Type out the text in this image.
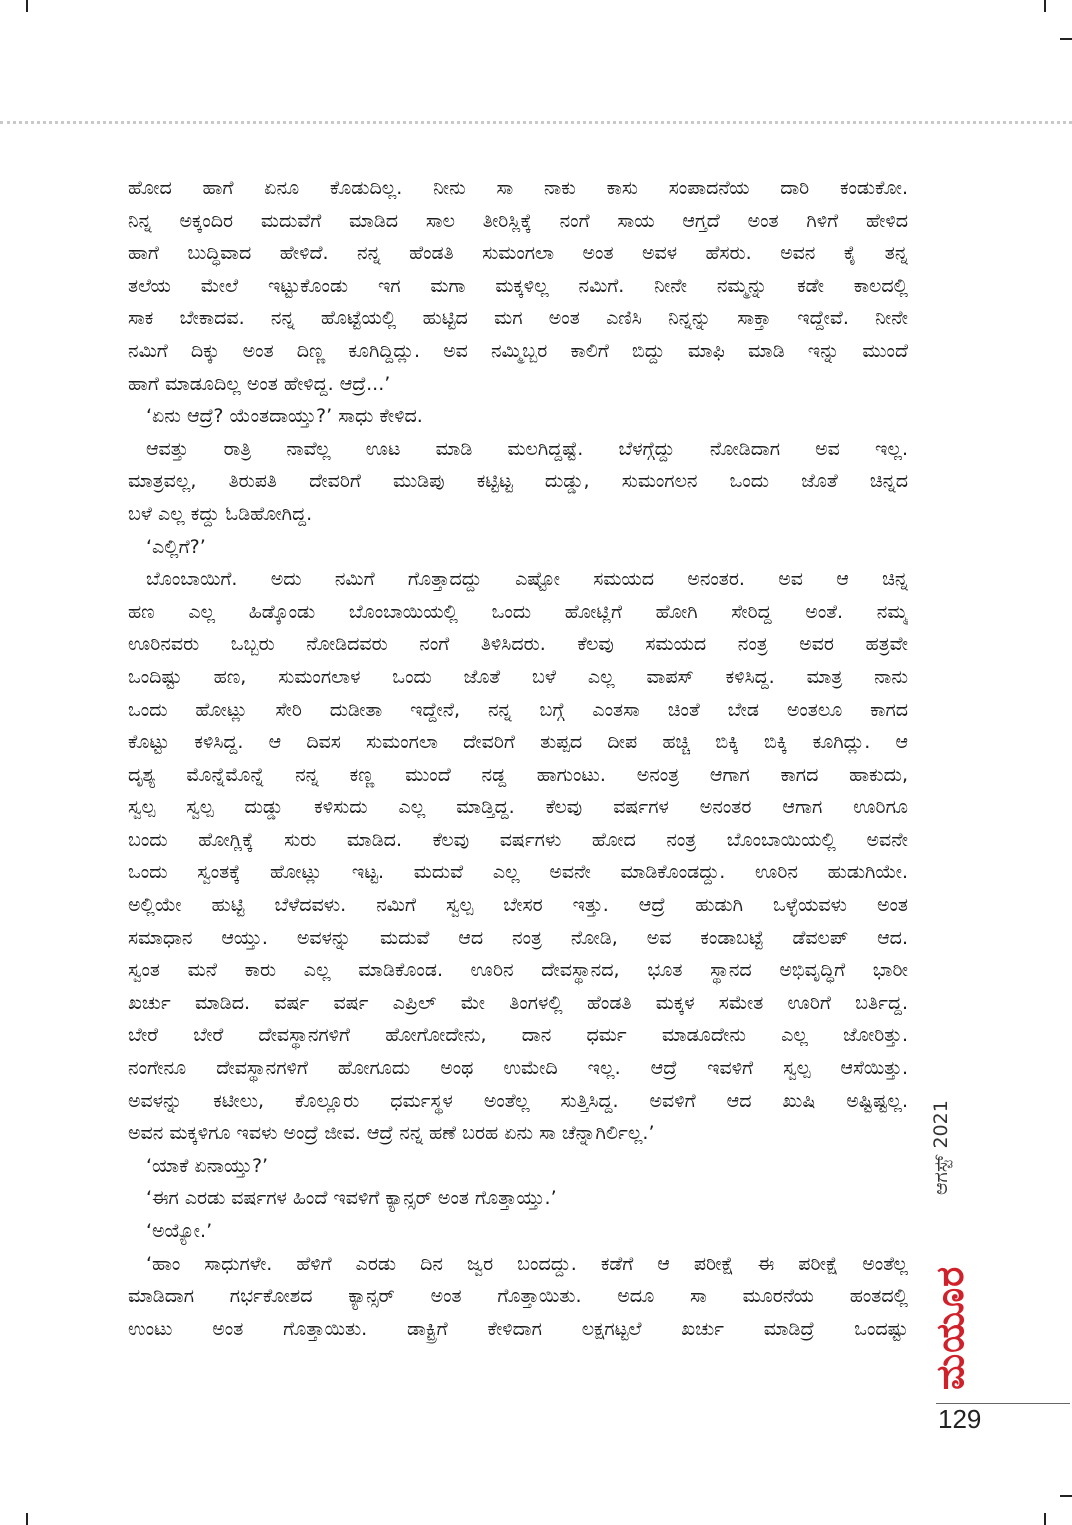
ಹೋದ ಹಾಗೆ ಏನೂ ಕೊಡುದಿಲ್ಲ. ನೀನು ಸಾ ನಾಕು ಕಾಸು ಸಂಪಾದನೆಯ ದಾರಿ ಕಂಡುಕೋ.
ನಿನ್ನ ಅಕ್ಕಂದಿರ ಮದುವೆಗೆ ಮಾಡಿದ ಸಾಲ ತೀರಿಸ್ಲಿಕ್ಕೆ ನಂಗೆ ಸಾಯ ಆಗ್ತದೆ ಅಂತ ಗಿಳಿಗೆ ಹೇಳಿದ
ಹಾಗೆ ಬುದ್ಧಿವಾದ ಹೇಳಿದೆ. ನನ್ನ ಹೆಂಡತಿ ಸುಮಂಗಲಾ ಅಂತ ಅವಳ ಹೆಸರು. ಅವನ ಕೈ ತನ್ನ
ತಲೆಯ ಮೇಲೆ ಇಟ್ಟುಕೊಂಡು ಇಗ ಮಗಾ ಮಕ್ಕಳಿಲ್ಲ ನಮಿಗೆ. ನೀನೇ ನಮ್ಮನ್ನು ಕಡೇ ಕಾಲದಲ್ಲಿ
ಸಾಕ ಬೇಕಾದವ. ನನ್ನ ಹೊಟ್ಟೆಯಲ್ಲಿ ಹುಟ್ಟಿದ ಮಗ ಅಂತ ಎಣಿಸಿ ನಿನ್ನನ್ನು ಸಾಕ್ತಾ ಇದ್ದೇವೆ. ನೀನೇ
ನಮಿಗೆ ದಿಕ್ಕು ಅಂತ ದಿಣ್ಣ ಕೂಗಿದ್ದಿದ್ಲು. ಅವ ನಮ್ಮಿಬ್ಬರ ಕಾಲಿಗೆ ಬಿದ್ದು ಮಾಫಿ ಮಾಡಿ ಇನ್ನು ಮುಂದೆ
ಹಾಗೆ ಮಾಡೂದಿಲ್ಲ ಅಂತ ಹೇಳಿದ್ದ. ಆದ್ರೆ...’
‘ಏನು ಆದ್ರೆ? ಯೆಂತದಾಯ್ತು?’ ಸಾಧು ಕೇಳಿದ.
ಆವತ್ತು ರಾತ್ರಿ ನಾವೆಲ್ಲ ಊಟ ಮಾಡಿ ಮಲಗಿದ್ದಷ್ಟೆ. ಬೆಳಗ್ಗೆದ್ದು ನೋಡಿದಾಗ ಅವ ಇಲ್ಲ.
ಮಾತ್ರವಲ್ಲ, ತಿರುಪತಿ ದೇವರಿಗೆ ಮುಡಿಪು ಕಟ್ಟಿಟ್ಟ ದುಡ್ಡು, ಸುಮಂಗಲನ ಒಂದು ಜೊತೆ ಚಿನ್ನದ
ಬಳೆ ಎಲ್ಲ ಕದ್ದು ಓಡಿಹೋಗಿದ್ದ.
‘ಎಲ್ಲಿಗೆ?’
ಬೊಂಬಾಯಿಗೆ. ಅದು ನಮಿಗೆ ಗೊತ್ತಾದದ್ದು ಎಷ್ಟೋ ಸಮಯದ ಅನಂತರ. ಅವ ಆ ಚಿನ್ನ
ಹಣ ಎಲ್ಲ ಹಿಡ್ಕೊಂಡು ಬೊಂಬಾಯಿಯಲ್ಲಿ ಒಂದು ಹೋಟ್ಲಿಗೆ ಹೋಗಿ ಸೇರಿದ್ದ ಅಂತೆ. ನಮ್ಮ
ಊರಿನವರು ಒಬ್ಬರು ನೋಡಿದವರು ನಂಗೆ ತಿಳಿಸಿದರು. ಕೆಲವು ಸಮಯದ ನಂತ್ರ ಅವರ ಹತ್ರವೇ
ಒಂದಿಷ್ಟು ಹಣ, ಸುಮಂಗಲಾಳ ಒಂದು ಜೊತೆ ಬಳೆ ಎಲ್ಲ ವಾಪಸ್ ಕಳಿಸಿದ್ದ. ಮಾತ್ರ ನಾನು
ಒಂದು ಹೋಟ್ಲು ಸೇರಿ ದುಡೀತಾ ಇದ್ದೇನೆ, ನನ್ನ ಬಗ್ಗೆ ಎಂತಸಾ ಚಿಂತೆ ಬೇಡ ಅಂತಲೂ ಕಾಗದ
ಕೊಟ್ಟು ಕಳಿಸಿದ್ದ. ಆ ದಿವಸ ಸುಮಂಗಲಾ ದೇವರಿಗೆ ತುಪ್ಪದ ದೀಪ ಹಚ್ಚಿ ಬಿಕ್ಕಿ ಬಿಕ್ಕಿ ಕೂಗಿದ್ಲು. ಆ
ದೃಶ್ಯ ಮೊನ್ನೆಮೊನ್ನೆ ನನ್ನ ಕಣ್ಣ ಮುಂದೆ ನಡ್ದ ಹಾಗುಂಟು. ಅನಂತ್ರ ಆಗಾಗ ಕಾಗದ ಹಾಕುದು,
ಸ್ವಲ್ಪ ಸ್ವಲ್ಪ ದುಡ್ಡು ಕಳಿಸುದು ಎಲ್ಲ ಮಾಡ್ತಿದ್ದ. ಕೆಲವು ವರ್ಷಗಳ ಅನಂತರ ಆಗಾಗ ಊರಿಗೂ
ಬಂದು ಹೋಗ್ಲಿಕ್ಕೆ ಸುರು ಮಾಡಿದ. ಕೆಲವು ವರ್ಷಗಳು ಹೋದ ನಂತ್ರ ಬೊಂಬಾಯಿಯಲ್ಲಿ ಅವನೇ
ಒಂದು ಸ್ವಂತಕ್ಕೆ ಹೋಟ್ಲು ಇಟ್ಟ. ಮದುವೆ ಎಲ್ಲ ಅವನೇ ಮಾಡಿಕೊಂಡದ್ದು. ಊರಿನ ಹುಡುಗಿಯೇ.
ಅಲ್ಲಿಯೇ ಹುಟ್ಟಿ ಬೆಳೆದವಳು. ನಮಿಗೆ ಸ್ವಲ್ಪ ಬೇಸರ ಇತ್ತು. ಆದ್ರೆ ಹುಡುಗಿ ಒಳ್ಳೆಯವಳು ಅಂತ
ಸಮಾಧಾನ ಆಯ್ತು. ಅವಳನ್ನು ಮದುವೆ ಆದ ನಂತ್ರ ನೋಡಿ, ಅವ ಕಂಡಾಬಟ್ಟೆ ಡೆವಲಪ್ ಆದ.
ಸ್ವಂತ ಮನೆ ಕಾರು ಎಲ್ಲ ಮಾಡಿಕೊಂಡ. ಊರಿನ ದೇವಸ್ಥಾನದ, ಭೂತ ಸ್ಥಾನದ ಅಭಿವೃದ್ಧಿಗೆ ಭಾರೀ
ಖರ್ಚು ಮಾಡಿದ. ವರ್ಷ ವರ್ಷ ಎಪ್ರಿಲ್ ಮೇ ತಿಂಗಳಲ್ಲಿ ಹೆಂಡತಿ ಮಕ್ಕಳ ಸಮೇತ ಊರಿಗೆ ಬರ್ತಿದ್ದ.
ಬೇರೆ ಬೇರೆ ದೇವಸ್ಥಾನಗಳಿಗೆ ಹೋಗೋದೇನು, ದಾನ ಧರ್ಮ ಮಾಡೂದೇನು ಎಲ್ಲ ಜೋರಿತ್ತು.
ನಂಗೇನೂ ದೇವಸ್ಥಾನಗಳಿಗೆ ಹೋಗೂದು ಅಂಥ ಉಮೇದಿ ಇಲ್ಲ. ಆದ್ರೆ ಇವಳಿಗೆ ಸ್ವಲ್ಪ ಆಸೆಯಿತ್ತು.
ಅವಳನ್ನು ಕಟೀಲು, ಕೊಲ್ಲೂರು ಧರ್ಮಸ್ಥಳ ಅಂತೆಲ್ಲ ಸುತ್ತಿಸಿದ್ದ. ಅವಳಿಗೆ ಆದ ಖುಷಿ ಅಷ್ಟಿಷ್ಟಲ್ಲ.
ಅವನ ಮಕ್ಕಳಿಗೂ ಇವಳು ಅಂದ್ರೆ ಜೀವ. ಆದ್ರೆ ನನ್ನ ಹಣೆ ಬರಹ ಏನು ಸಾ ಚೆನ್ನಾಗಿರ್ಲಿಲ್ಲ.’
‘ಯಾಕೆ ಏನಾಯ್ತು?’
‘ಈಗ ಎರಡು ವರ್ಷಗಳ ಹಿಂದೆ ಇವಳಿಗೆ ಕ್ಯಾನ್ಸರ್ ಅಂತ ಗೊತ್ತಾಯ್ತು.’
‘ಅಯ್ಯೋ.’
‘ಹಾಂ ಸಾಧುಗಳೇ. ಹೆಳಿಗೆ ಎರಡು ದಿನ ಜ್ವರ ಬಂದದ್ದು. ಕಡೆಗೆ ಆ ಪರೀಕ್ಷೆ ಈ ಪರೀಕ್ಷೆ ಅಂತೆಲ್ಲ
ಮಾಡಿದಾಗ ಗರ್ಭಕೋಶದ ಕ್ಯಾನ್ಸರ್ ಅಂತ ಗೊತ್ತಾಯಿತು. ಅದೂ ಸಾ ಮೂರನೆಯ ಹಂತದಲ್ಲಿ
ಉಂಟು ಅಂತ ಗೊತ್ತಾಯಿತು. ಡಾಕ್ಟ್ರಿಗೆ ಕೇಳಿದಾಗ ಲಕ್ಷಗಟ್ಟಲೆ ಖರ್ಚು ಮಾಡಿದ್ರೆ ಒಂದಷ್ಟು
ಆಗಸ್ಟ್ 2021
ಮಯೂರ
129
